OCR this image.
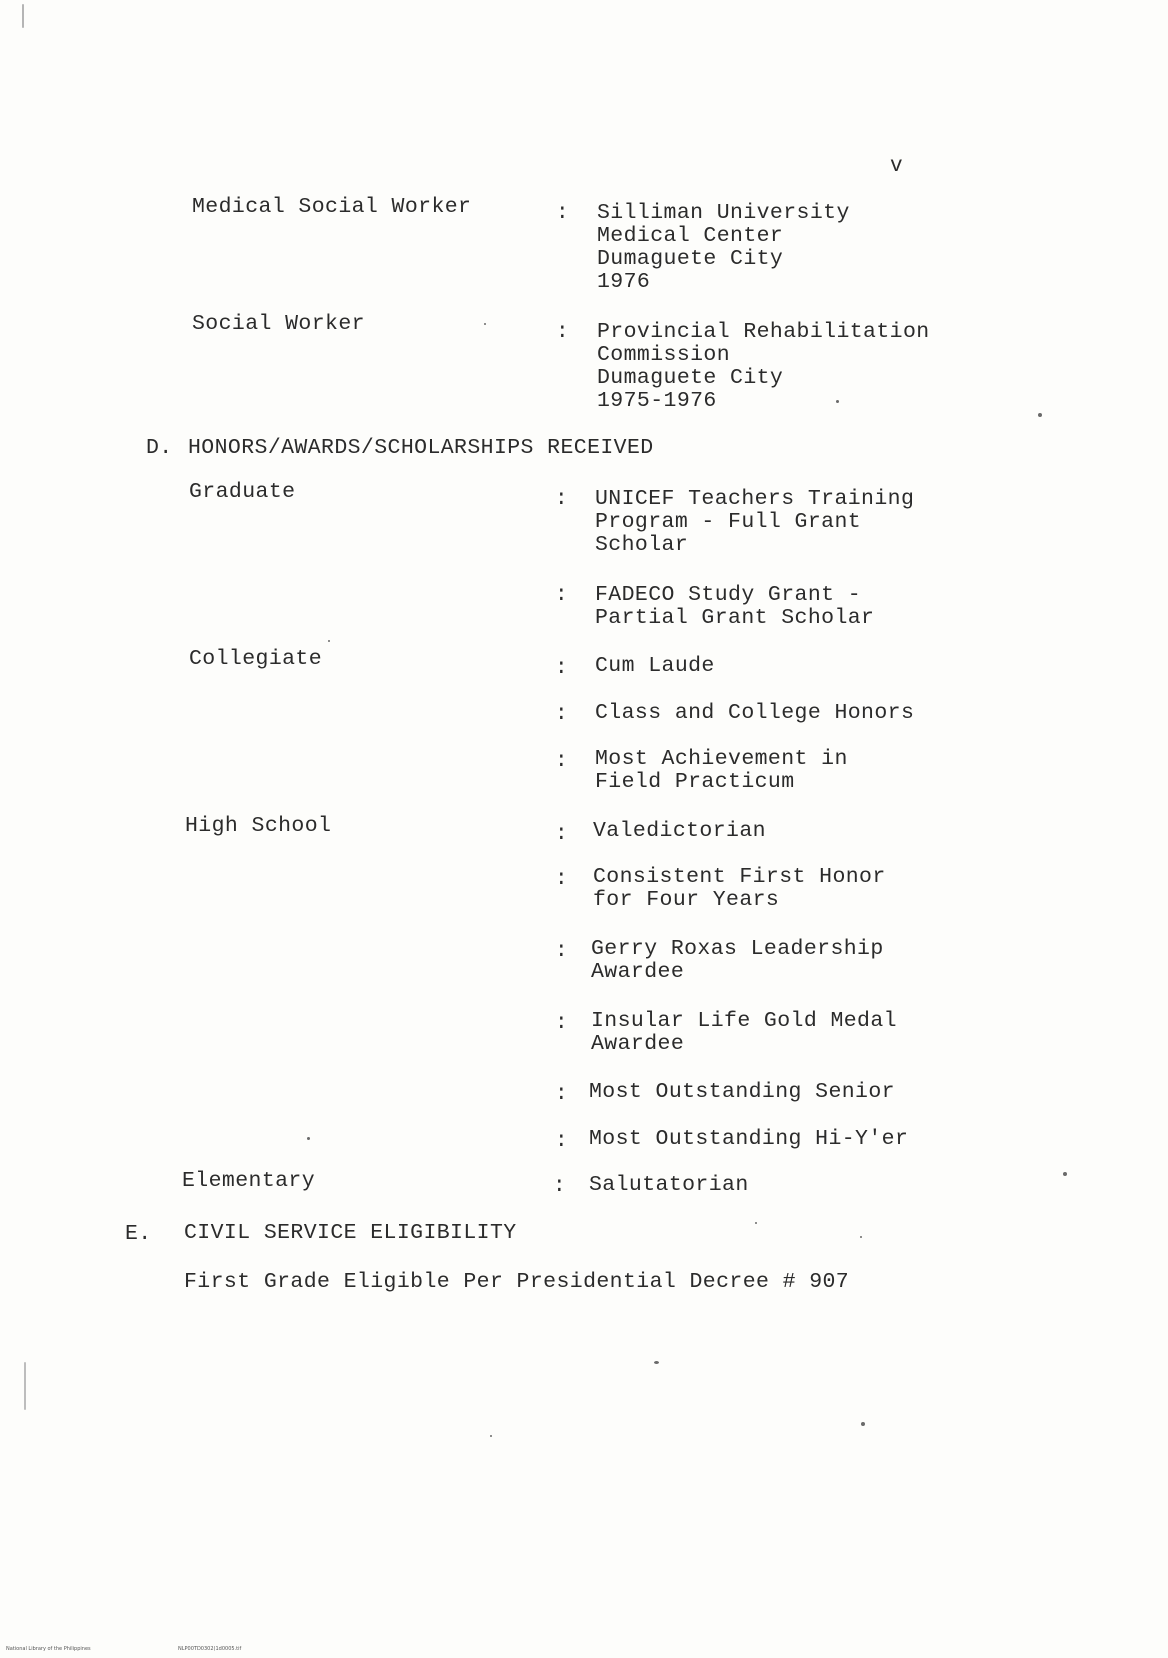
v
Medical Social Worker	: Silliman University
Medical Center
Dumaguete City
1976
Social Worker	: Provincial Rehabilitation
Commission
Dumaguete City
1975-1976
D. HONORS/AWARDS/SCHOLARSHIPS RECEIVED
Graduate	: UNICEF Teachers Training
Program - Full Grant
Scholar
: FADECO Study Grant -
Partial Grant Scholar
Collegiate	: Cum Laude
: Class and College Honors
: Most Achievement in
Field Practicum
High School	: Valedictorian
: Consistent First Honor
for Four Years
: Gerry Roxas Leadership
Awardee
: Insular Life Gold Medal
Awardee
: Most Outstanding Senior
: Most Outstanding Hi-Y'er
Elementary	: Salutatorian
E. CIVIL SERVICE ELIGIBILITY
First Grade Eligible Per Presidential Decree # 907
National Library of the Philippines	NLP00TD0302(1d0005.tif
